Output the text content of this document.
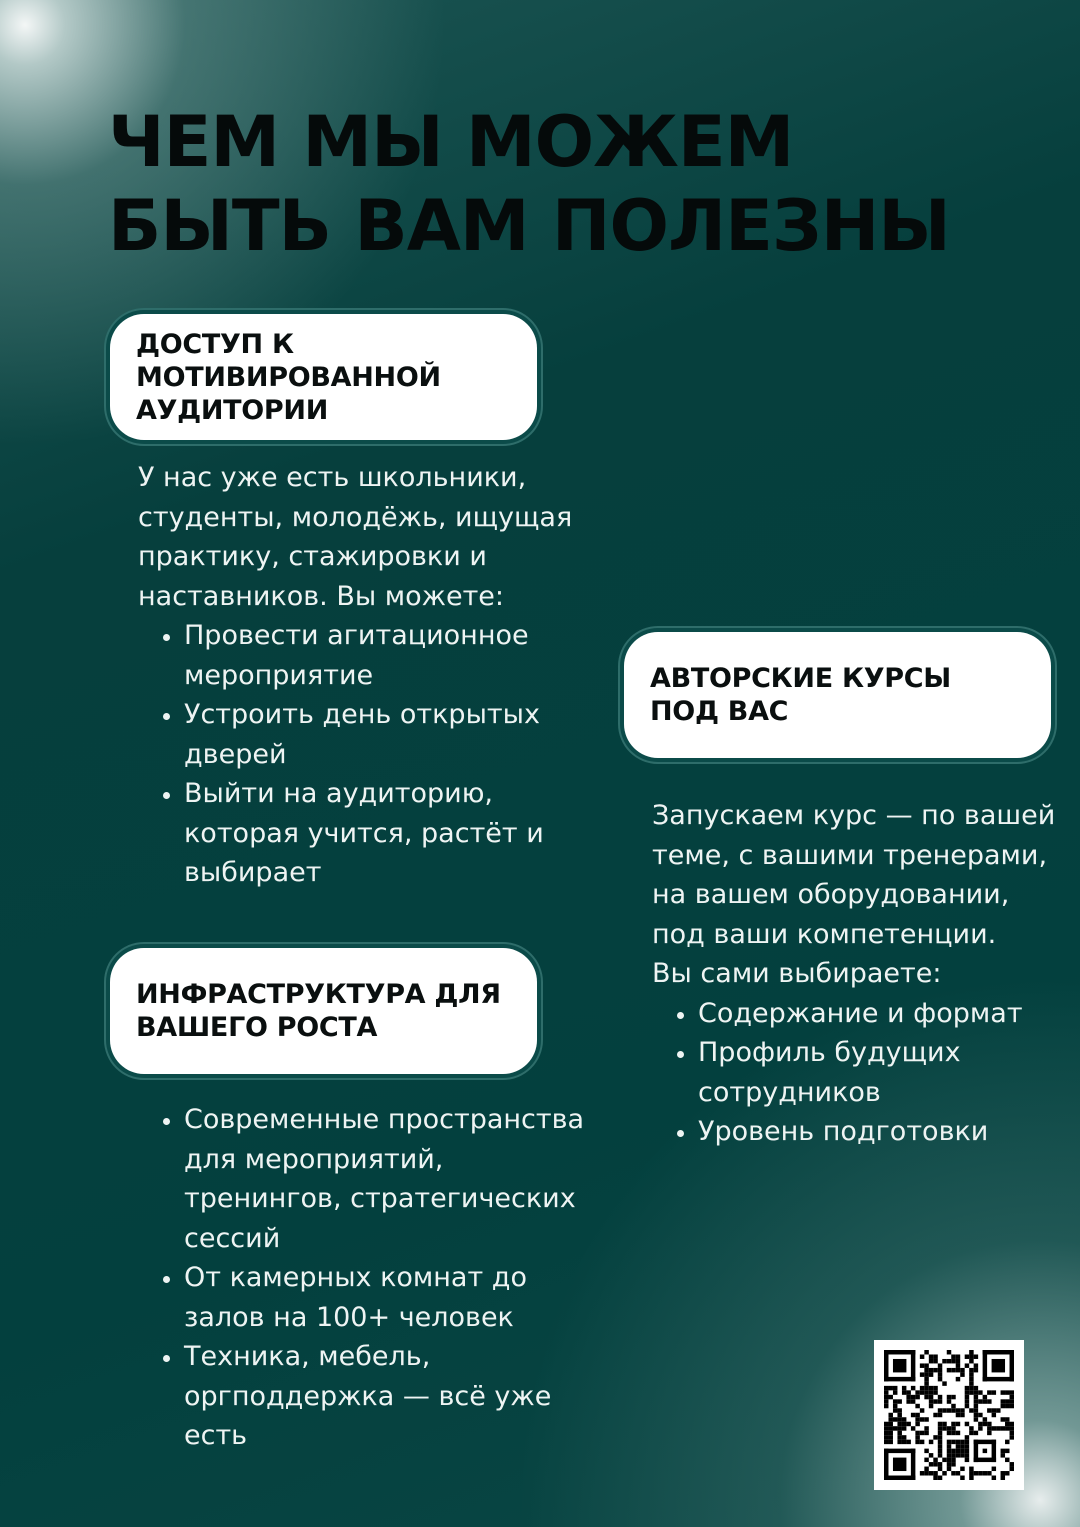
ЧЕМ МЫ МОЖЕМ
БЫТЬ ВАМ ПОЛЕЗНЫ
ДОСТУП К
МОТИВИРОВАННОЙ
АУДИТОРИИ

У нас уже есть школьники, студенты, молодёжь, ищущая практику, стажировки и наставников. Вы можете:

• Провести агитационное мероприятие
• Устроить день открытых дверей
• Выйти на аудиторию, которая учится, растёт и выбирает
ИНФРАСТРУКТУРА ДЛЯ
ВАШЕГО РОСТА
• Современные пространства для мероприятий, тренингов, стратегических сессий
• От камерных комнат до залов на 100+ человек
• Техника, мебель, оргподдержка — всё уже есть
АВТОРСКИЕ КУРСЫ
ПОД ВАС

Запускаем курс — по вашей теме, с вашими тренерами, на вашем оборудовании, под ваши компетенции.

Вы сами выбираете:

• Содержание и формат
• Профиль будущих сотрудников
• Уровень подготовки
